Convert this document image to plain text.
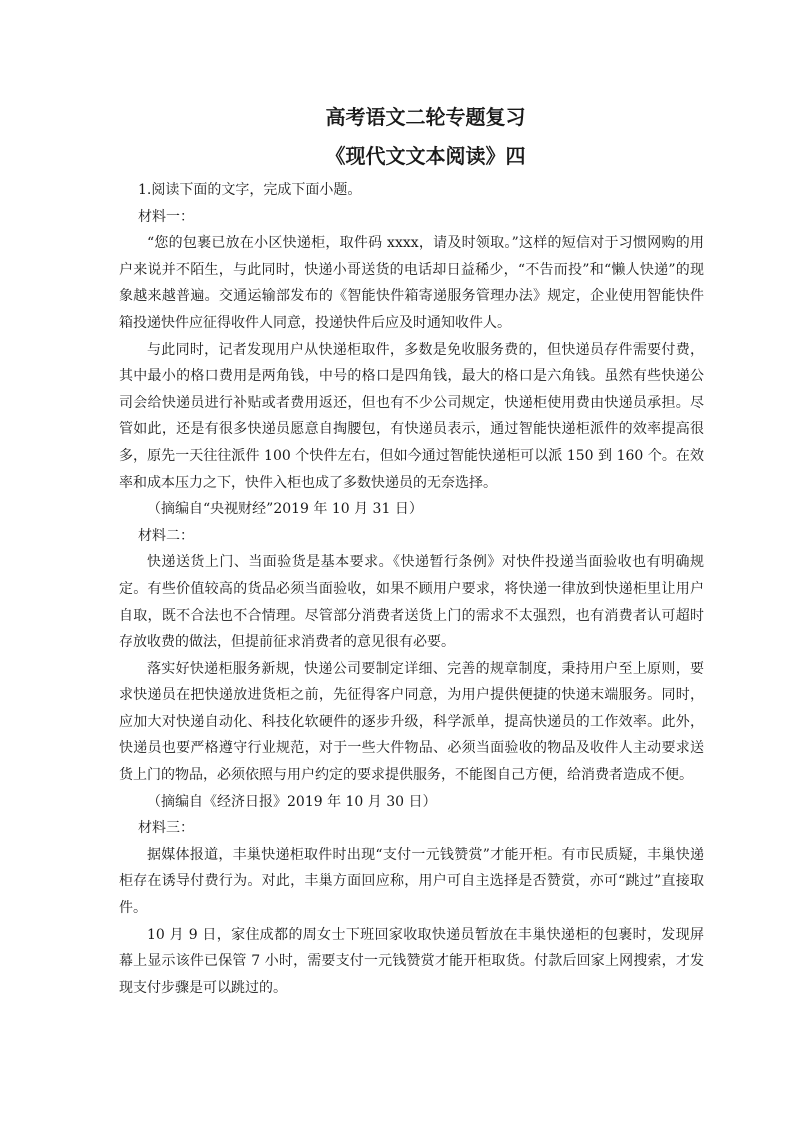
高考语文二轮专题复习
《现代文文本阅读》四

1.阅读下面的文字，完成下面小题。

材料一：

“您的包裹已放在小区快递柜，取件码 xxxx，请及时领取。”这样的短信对于习惯网购的用户来说并不陌生，与此同时，快递小哥送货的电话却日益稀少，“不告而投”和“懒人快递”的现象越来越普遍。交通运输部发布的《智能快件箱寄递服务管理办法》规定，企业使用智能快件箱投递快件应征得收件人同意，投递快件后应及时通知收件人。

与此同时，记者发现用户从快递柜取件，多数是免收服务费的，但快递员存件需要付费，其中最小的格口费用是两角钱，中号的格口是四角钱，最大的格口是六角钱。虽然有些快递公司会给快递员进行补贴或者费用返还，但也有不少公司规定，快递柜使用费由快递员承担。尽管如此，还是有很多快递员愿意自掏腰包，有快递员表示，通过智能快递柜派件的效率提高很多，原先一天往往派件 100 个快件左右，但如今通过智能快递柜可以派 150 到 160 个。在效率和成本压力之下，快件入柜也成了多数快递员的无奈选择。

（摘编自“央视财经”2019 年 10 月 31 日）

材料二：

快递送货上门、当面验货是基本要求。《快递暂行条例》对快件投递当面验收也有明确规定。有些价值较高的货品必须当面验收，如果不顾用户要求，将快递一律放到快递柜里让用户自取，既不合法也不合情理。尽管部分消费者送货上门的需求不太强烈，也有消费者认可超时存放收费的做法，但提前征求消费者的意见很有必要。

落实好快递柜服务新规，快递公司要制定详细、完善的规章制度，秉持用户至上原则，要求快递员在把快递放进货柜之前，先征得客户同意，为用户提供便捷的快递末端服务。同时，应加大对快递自动化、科技化软硬件的逐步升级，科学派单，提高快递员的工作效率。此外，快递员也要严格遵守行业规范，对于一些大件物品、必须当面验收的物品及收件人主动要求送货上门的物品，必须依照与用户约定的要求提供服务，不能图自己方便，给消费者造成不便。

（摘编自《经济日报》2019 年 10 月 30 日）

材料三：

据媒体报道，丰巢快递柜取件时出现“支付一元钱赞赏”才能开柜。有市民质疑，丰巢快递柜存在诱导付费行为。对此，丰巢方面回应称，用户可自主选择是否赞赏，亦可“跳过”直接取件。

10 月 9 日，家住成都的周女士下班回家收取快递员暂放在丰巢快递柜的包裹时，发现屏幕上显示该件已保管 7 小时，需要支付一元钱赞赏才能开柜取货。付款后回家上网搜索，才发现支付步骤是可以跳过的。
